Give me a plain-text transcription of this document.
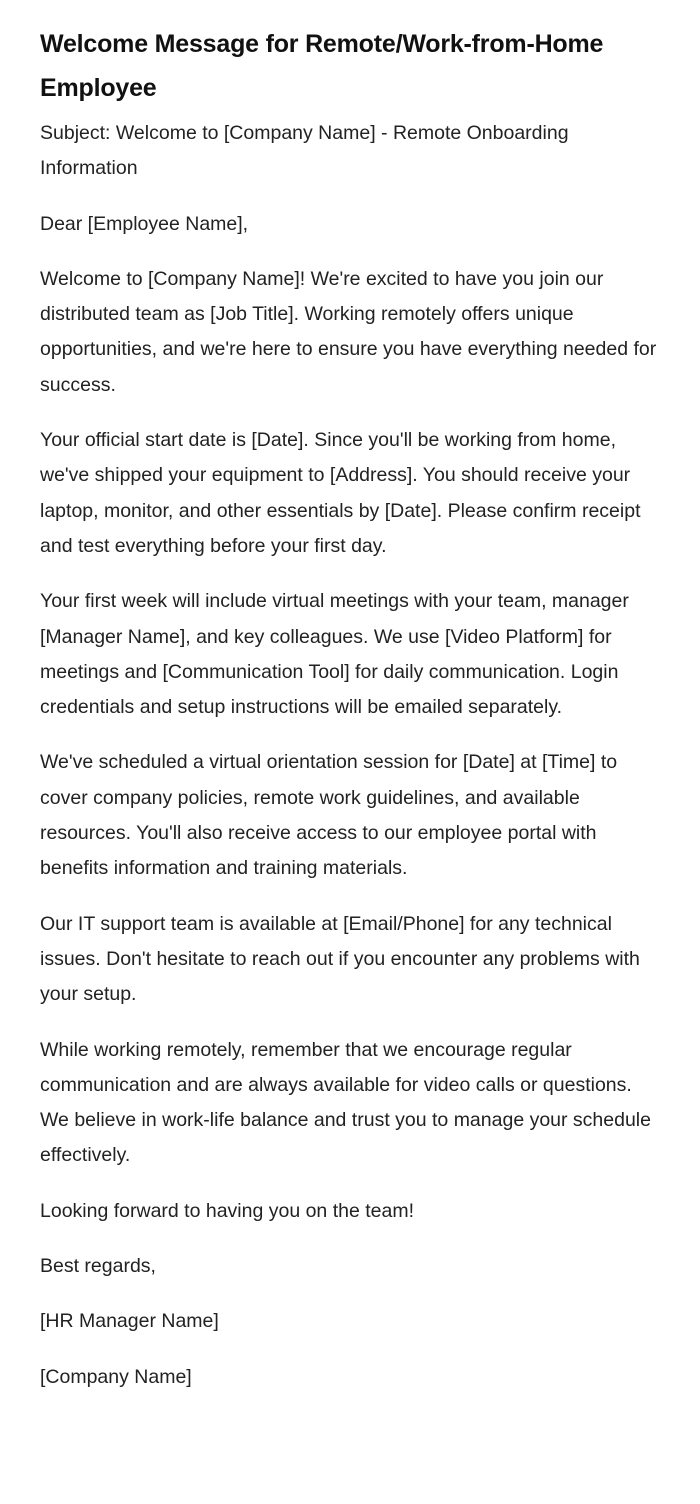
Welcome Message for Remote/Work-from-Home Employee

Subject: Welcome to [Company Name] - Remote Onboarding Information

Dear [Employee Name],

Welcome to [Company Name]! We're excited to have you join our distributed team as [Job Title]. Working remotely offers unique opportunities, and we're here to ensure you have everything needed for success.

Your official start date is [Date]. Since you'll be working from home, we've shipped your equipment to [Address]. You should receive your laptop, monitor, and other essentials by [Date]. Please confirm receipt and test everything before your first day.

Your first week will include virtual meetings with your team, manager [Manager Name], and key colleagues. We use [Video Platform] for meetings and [Communication Tool] for daily communication. Login credentials and setup instructions will be emailed separately.

We've scheduled a virtual orientation session for [Date] at [Time] to cover company policies, remote work guidelines, and available resources. You'll also receive access to our employee portal with benefits information and training materials.

Our IT support team is available at [Email/Phone] for any technical issues. Don't hesitate to reach out if you encounter any problems with your setup.

While working remotely, remember that we encourage regular communication and are always available for video calls or questions. We believe in work-life balance and trust you to manage your schedule effectively.

Looking forward to having you on the team!

Best regards,

[HR Manager Name]

[Company Name]
